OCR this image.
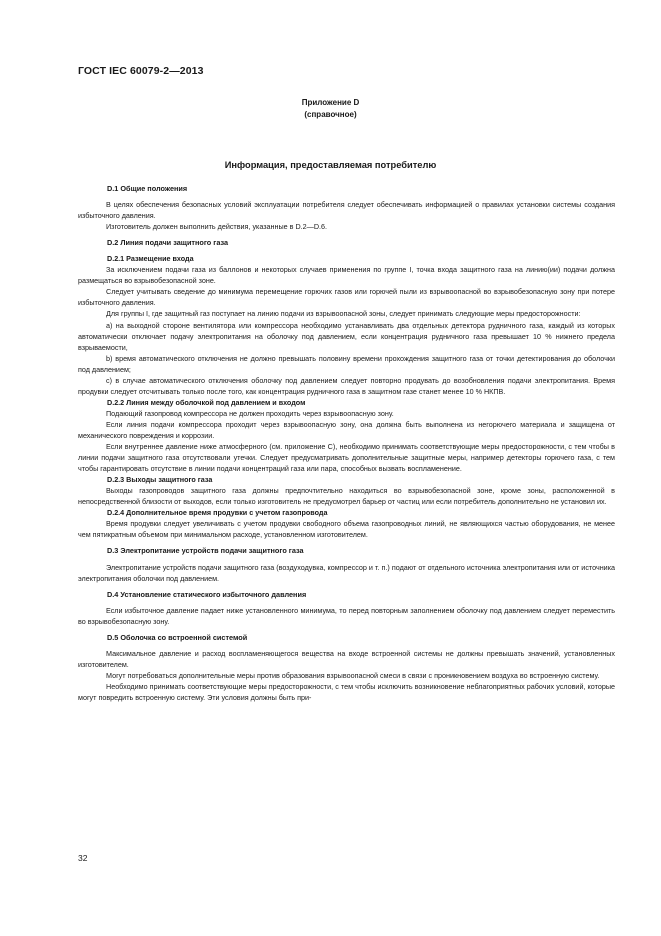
ГОСТ IEC 60079-2—2013
Приложение D
(справочное)
Информация, предоставляемая потребителю
D.1 Общие положения

В целях обеспечения безопасных условий эксплуатации потребителя следует обеспечивать информацией о правилах установки системы создания избыточного давления.

Изготовитель должен выполнить действия, указанные в D.2—D.6.

D.2 Линия подачи защитного газа
D.2.1 Размещение входа

За исключением подачи газа из баллонов и некоторых случаев применения по группе I, точка входа защитного газа на линию(ии) подачи должна размещаться во взрывобезопасной зоне.

Следует учитывать сведение до минимума перемещение горючих газов или горючей пыли из взрывоопасной во взрывобезопасную зону при потере избыточного давления.

Для группы I, где защитный газ поступает на линию подачи из взрывоопасной зоны, следует принимать следующие меры предосторожности:

a) на выходной стороне вентилятора или компрессора необходимо устанавливать два отдельных детектора рудничного газа, каждый из которых автоматически отключает подачу электропитания на оболочку под давлением, если концентрация рудничного газа превышает 10 % нижнего предела взрываемости,

b) время автоматического отключения не должно превышать половину времени прохождения защитного газа от точки детектирования до оболочки под давлением;

c) в случае автоматического отключения оболочку под давлением следует повторно продувать до возобновления подачи электропитания. Время продувки следует отсчитывать только после того, как концентрация рудничного газа в защитном газе станет менее 10 % НКПВ.

D.2.2 Линия между оболочкой под давлением и входом

Подающий газопровод компрессора не должен проходить через взрывоопасную зону.

Если линия подачи компрессора проходит через взрывоопасную зону, она должна быть выполнена из негорючего материала и защищена от механического повреждения и коррозии.

Если внутреннее давление ниже атмосферного (см. приложение C), необходимо принимать соответствующие меры предосторожности, с тем чтобы в линии подачи защитного газа отсутствовали утечки. Следует предусматривать дополнительные защитные меры, например детекторы горючего газа, с тем чтобы гарантировать отсутствие в линии подачи концентраций газа или пара, способных вызвать воспламенение.

D.2.3 Выходы защитного газа

Выходы газопроводов защитного газа должны предпочтительно находиться во взрывобезопасной зоне, кроме зоны, расположенной в непосредственной близости от выходов, если только изготовитель не предусмотрел барьер от частиц или если потребитель дополнительно не установил их.

D.2.4 Дополнительное время продувки с учетом газопровода

Время продувки следует увеличивать с учетом продувки свободного объема газопроводных линий, не являющихся частью оборудования, не менее чем пятикратным объемом при минимальном расходе, установленном изготовителем.

D.3 Электропитание устройств подачи защитного газа

Электропитание устройств подачи защитного газа (воздуходувка, компрессор и т. п.) подают от отдельного источника электропитания или от источника электропитания оболочки под давлением.

D.4 Установление статического избыточного давления

Если избыточное давление падает ниже установленного минимума, то перед повторным заполнением оболочку под давлением следует переместить во взрывобезопасную зону.

D.5 Оболочка со встроенной системой

Максимальное давление и расход воспламеняющегося вещества на входе встроенной системы не должны превышать значений, установленных изготовителем.

Могут потребоваться дополнительные меры против образования взрывоопасной смеси в связи с проникновением воздуха во встроенную систему.

Необходимо принимать соответствующие меры предосторожности, с тем чтобы исключить возникновение неблагоприятных рабочих условий, которые могут повредить встроенную систему. Эти условия должны быть при-

32
